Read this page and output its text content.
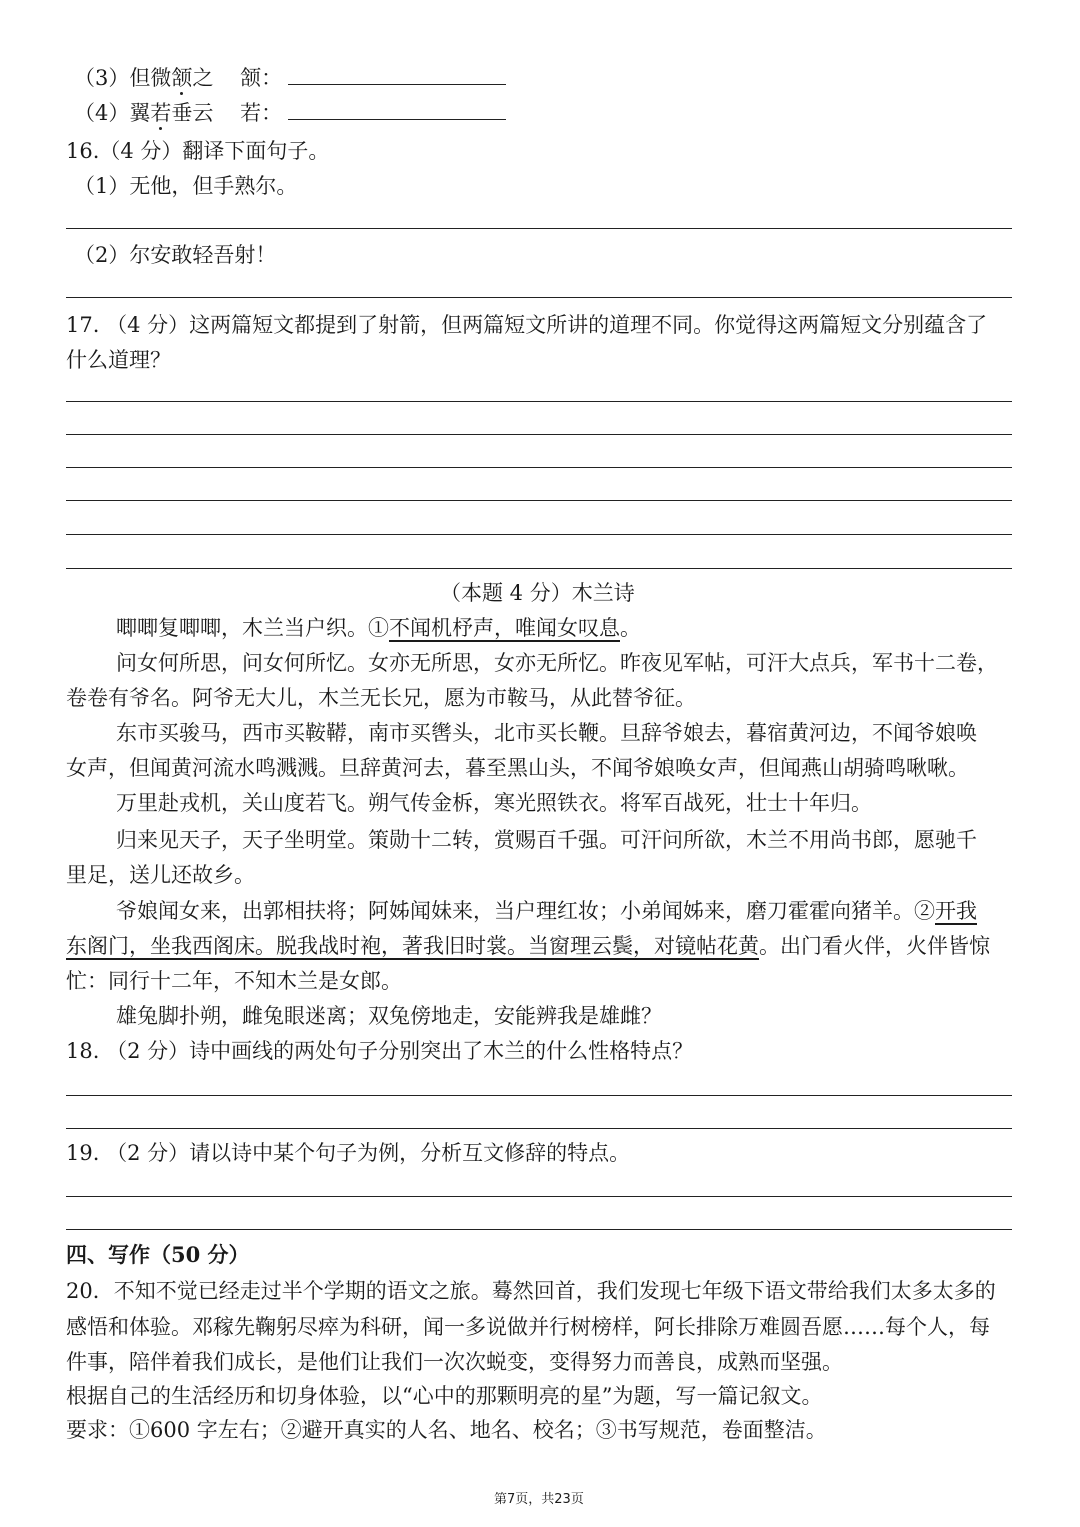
（3）但微颔之 颔：
（4）翼若垂云 若：
16.（4 分）翻译下面句子。
（1）无他，但手熟尔。
（2）尔安敢轻吾射！
17. （4 分）这两篇短文都提到了射箭，但两篇短文所讲的道理不同。你觉得这两篇短文分别蕴含了
什么道理？
（本题 4 分）木兰诗
唧唧复唧唧，木兰当户织。①不闻机杼声，唯闻女叹息。
问女何所思，问女何所忆。女亦无所思，女亦无所忆。昨夜见军帖，可汗大点兵，军书十二卷，
卷卷有爷名。阿爷无大儿，木兰无长兄，愿为市鞍马，从此替爷征。
东市买骏马，西市买鞍鞯，南市买辔头，北市买长鞭。旦辞爷娘去，暮宿黄河边，不闻爷娘唤
女声，但闻黄河流水鸣溅溅。旦辞黄河去，暮至黑山头，不闻爷娘唤女声，但闻燕山胡骑鸣啾啾。
万里赴戎机，关山度若飞。朔气传金柝，寒光照铁衣。将军百战死，壮士十年归。
归来见天子，天子坐明堂。策勋十二转，赏赐百千强。可汗问所欲，木兰不用尚书郎，愿驰千
里足，送儿还故乡。
爷娘闻女来，出郭相扶将；阿姊闻妹来，当户理红妆；小弟闻姊来，磨刀霍霍向猪羊。②开我
东阁门，坐我西阁床。脱我战时袍，著我旧时裳。当窗理云鬓，对镜帖花黄。出门看火伴，火伴皆惊
忙：同行十二年，不知木兰是女郎。
雄兔脚扑朔，雌兔眼迷离；双兔傍地走，安能辨我是雄雌？
18. （2 分）诗中画线的两处句子分别突出了木兰的什么性格特点？
19. （2 分）请以诗中某个句子为例，分析互文修辞的特点。
四、写作（50 分）
20．不知不觉已经走过半个学期的语文之旅。蓦然回首，我们发现七年级下语文带给我们太多太多的
感悟和体验。邓稼先鞠躬尽瘁为科研，闻一多说做并行树榜样，阿长排除万难圆吾愿……每个人，每
件事，陪伴着我们成长，是他们让我们一次次蜕变，变得努力而善良，成熟而坚强。
根据自己的生活经历和切身体验，以“心中的那颗明亮的星”为题，写一篇记叙文。
要求：①600 字左右；②避开真实的人名、地名、校名；③书写规范，卷面整洁。
第7页，共23页
